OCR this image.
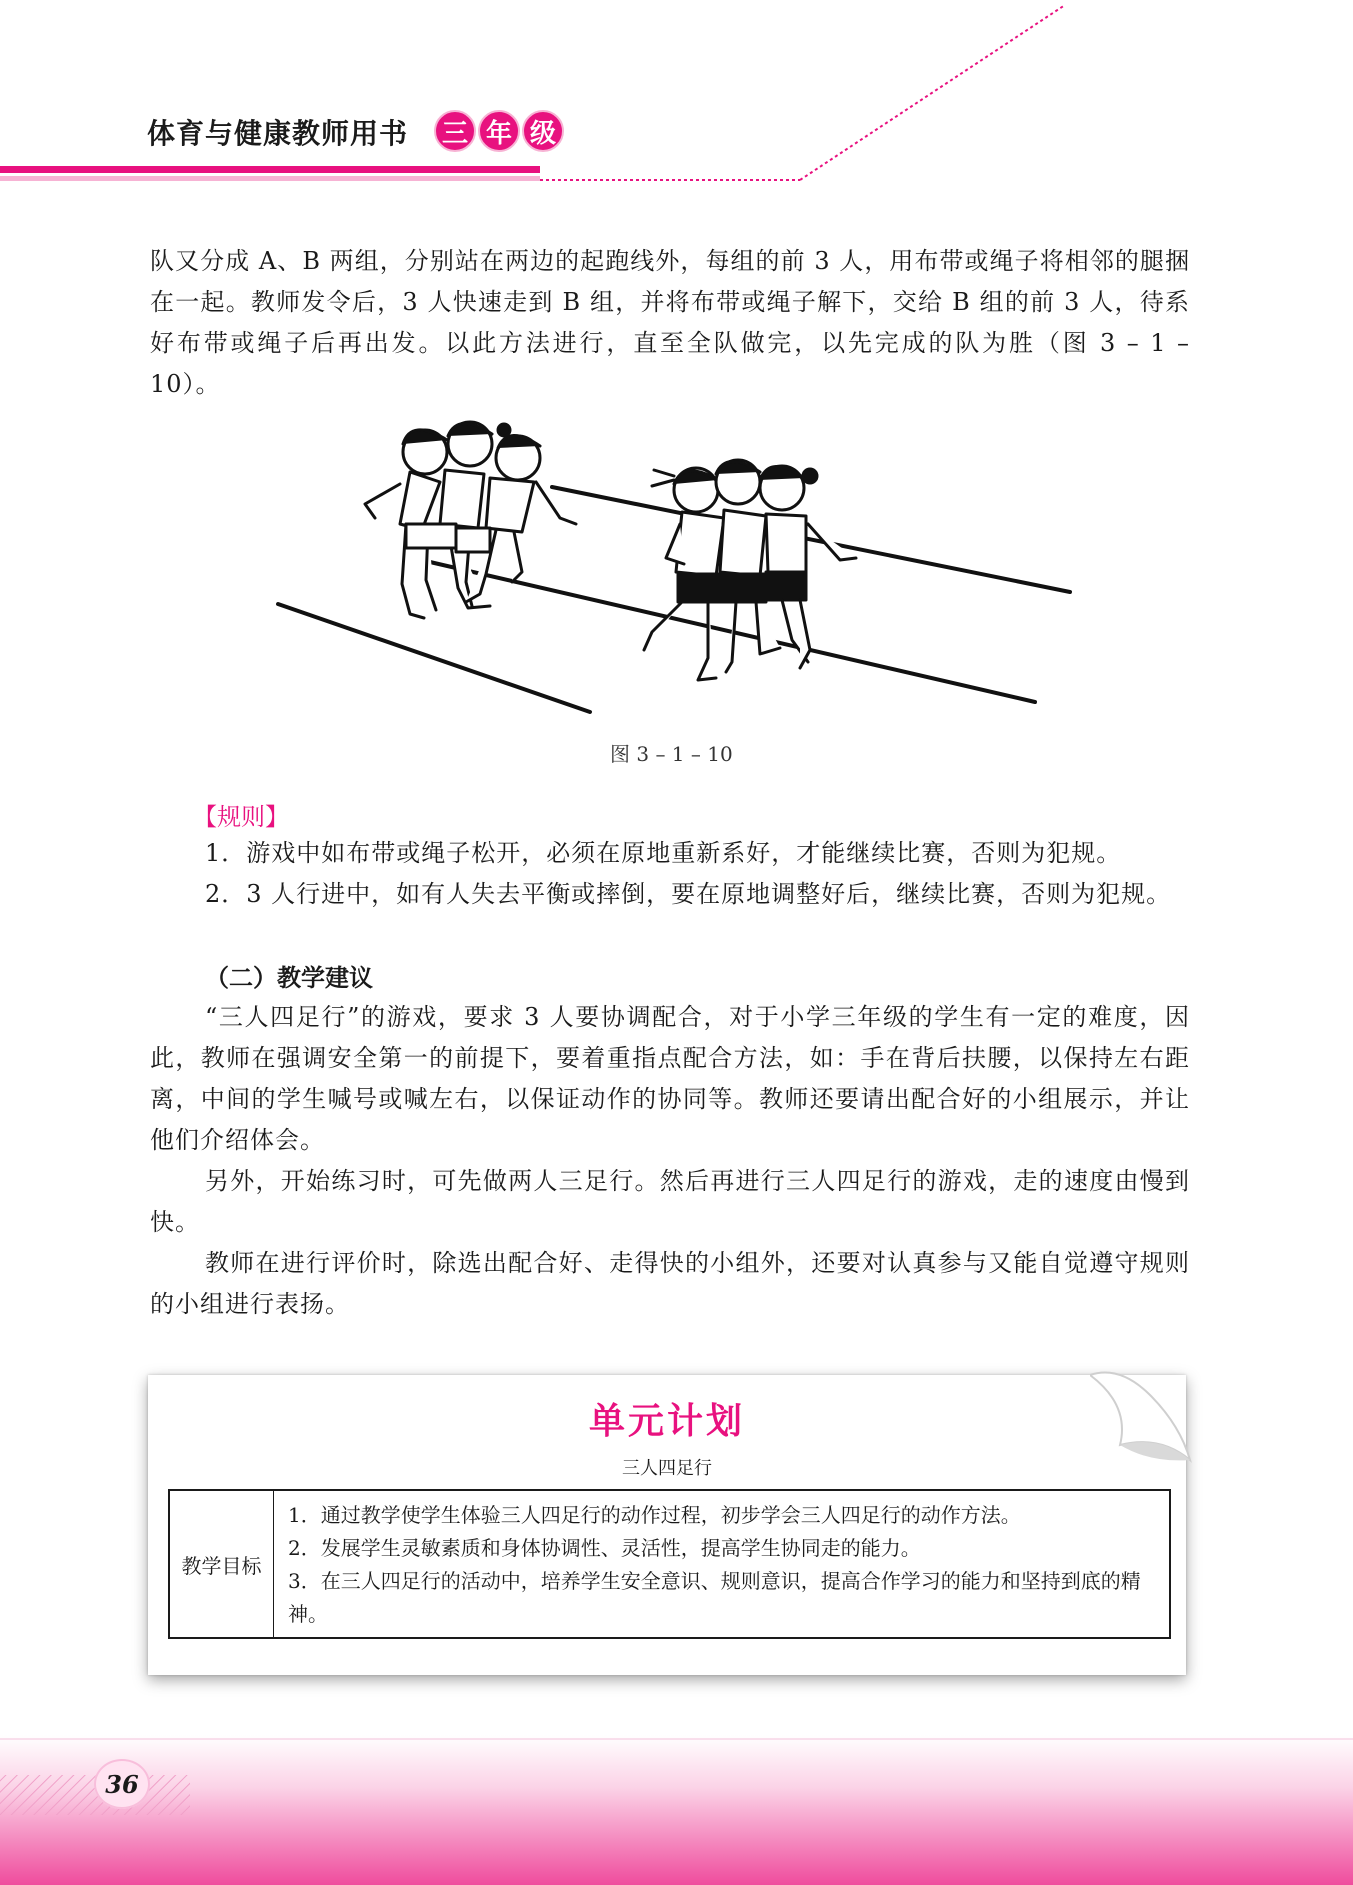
体育与健康教师用书	三 年 级

队又分成 A、B 两组，分别站在两边的起跑线外，每组的前 3 人，用布带或绳子将相邻的腿捆在一起。教师发令后，3 人快速走到 B 组，并将布带或绳子解下，交给 B 组的前 3 人，待系好布带或绳子后再出发。以此方法进行，直至全队做完，以先完成的队为胜（图 3 – 1 – 10）。

图 3 – 1 – 10
【规则】

1．游戏中如布带或绳子松开，必须在原地重新系好，才能继续比赛，否则为犯规。

2．3 人行进中，如有人失去平衡或摔倒，要在原地调整好后，继续比赛，否则为犯规。

（二）教学建议

“三人四足行”的游戏，要求 3 人要协调配合，对于小学三年级的学生有一定的难度，因此，教师在强调安全第一的前提下，要着重指点配合方法，如：手在背后扶腰，以保持左右距离，中间的学生喊号或喊左右，以保证动作的协同等。教师还要请出配合好的小组展示，并让他们介绍体会。

另外，开始练习时，可先做两人三足行。然后再进行三人四足行的游戏，走的速度由慢到快。

教师在进行评价时，除选出配合好、走得快的小组外，还要对认真参与又能自觉遵守规则的小组进行表扬。

单元计划
三人四足行
教学目标

1．通过教学使学生体验三人四足行的动作过程，初步学会三人四足行的动作方法。

2．发展学生灵敏素质和身体协调性、灵活性，提高学生协同走的能力。

3．在三人四足行的活动中，培养学生安全意识、规则意识，提高合作学习的能力和坚持到底的精神。

36
